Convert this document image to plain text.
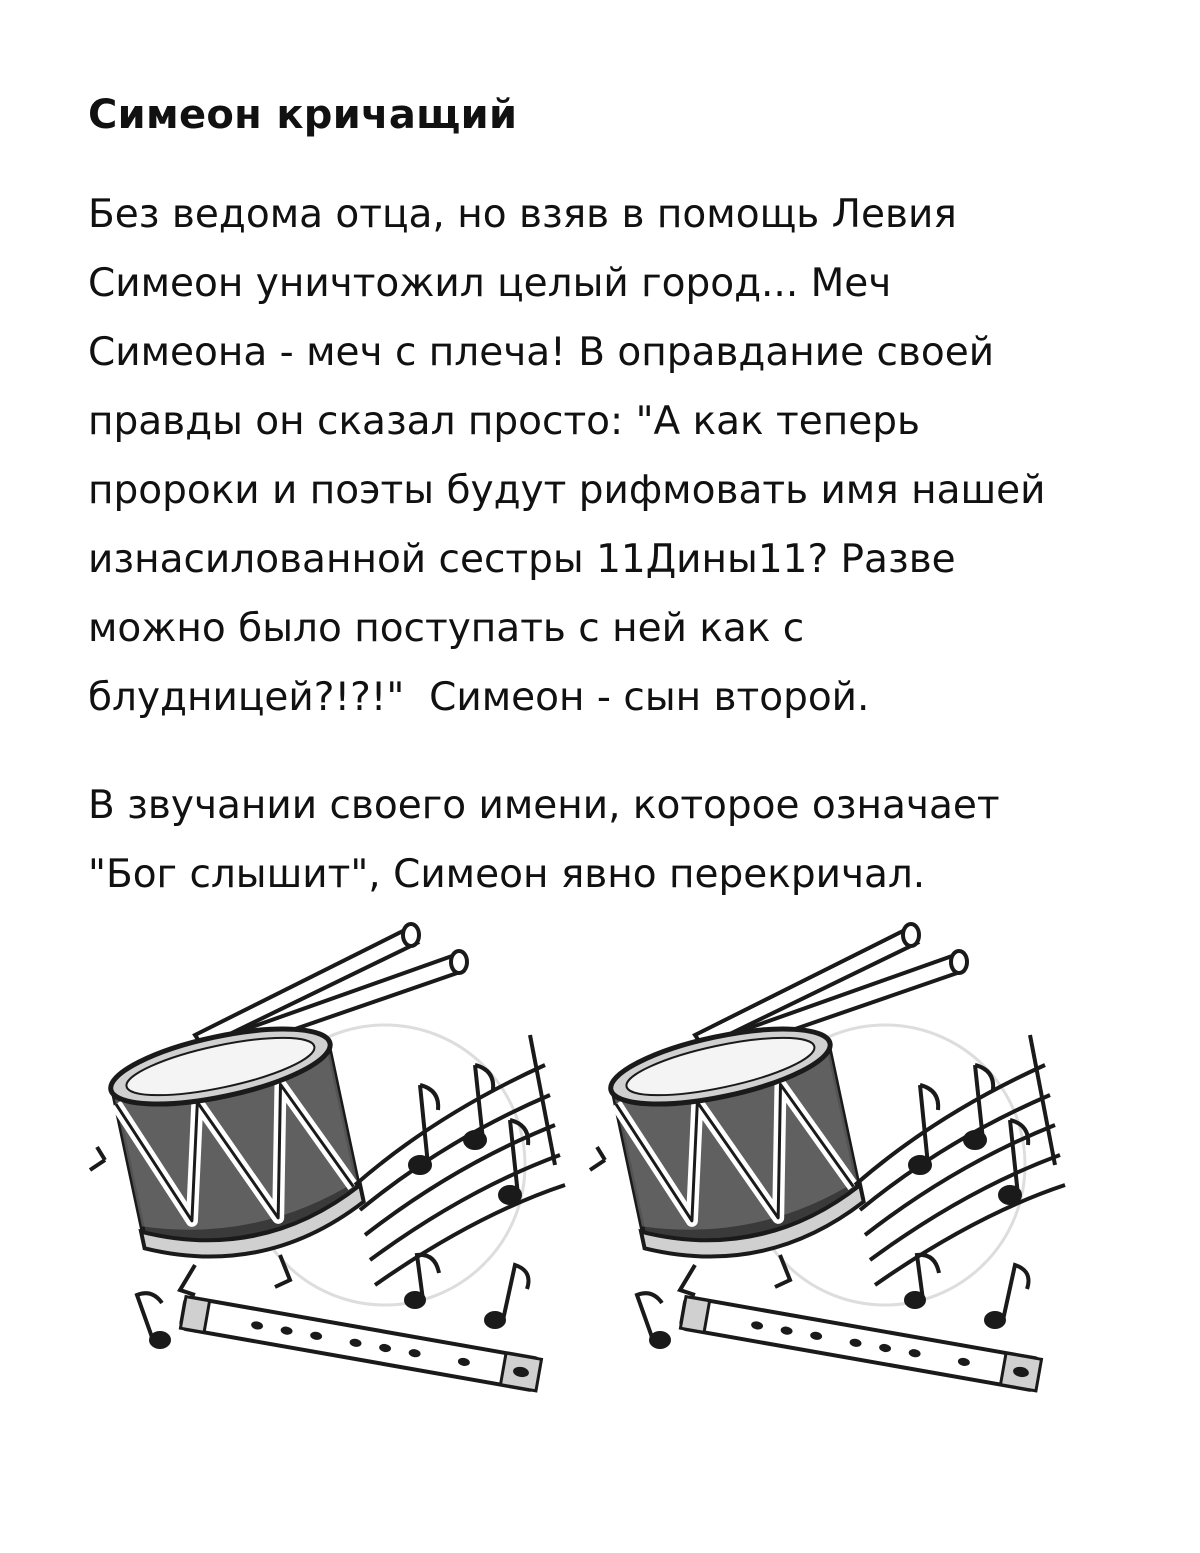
Симеон кричащий
Без ведома отца, но взяв в помощь Левия
Симеон уничтожил целый город... Меч
Симеона - меч с плеча! В оправдание своей
правды он сказал просто: "А как теперь
пророки и поэты будут рифмовать имя нашей
изнасилованной сестры 11Дины11? Разве
можно было поступать с ней как с
блудницей?!?!"  Симеон - сын второй.
В звучании своего имени, которое означает
"Бог слышит", Симеон явно перекричал.
